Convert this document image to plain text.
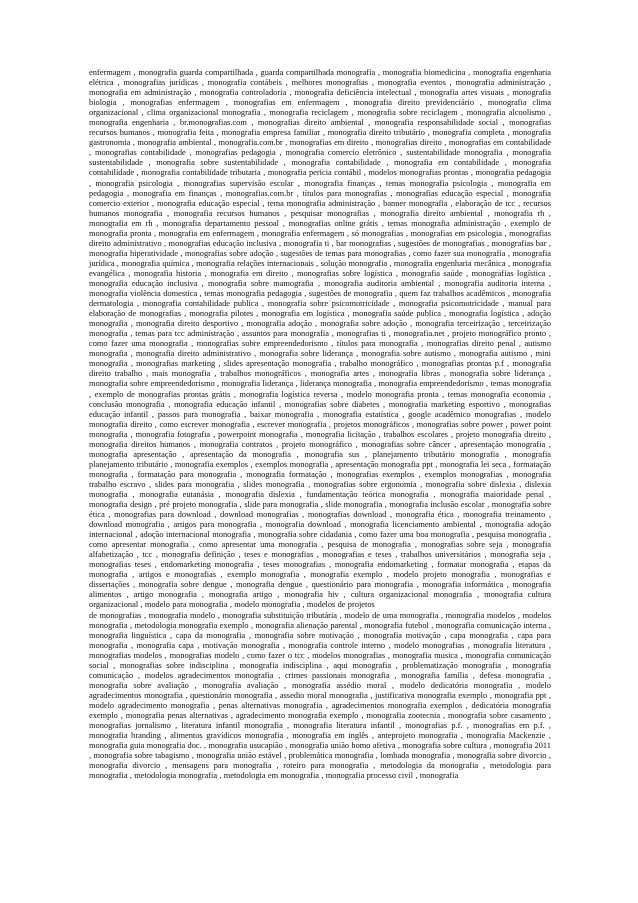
enfermagem , monografia guarda compartilhada , guarda compartilhada monografia , monografia biomedicina , monografia engenharia elétrica , monografias jurídicas , monografia contábeis , melhores monografias , monografia eventos , monografia administração , monografia em administração , monografia controladoria , monografia deficiência intelectual , monografia artes visuais , monografia biologia , monografias enfermagem , monografias em enfermagem , monografia direito previdenciário , monografia clima organizacional , clima organizacional monografia , monografia reciclagem , monografia sobre reciclagem , monografia alcoolismo , monografia engenharia , br.monografias.com , monografias direito ambiental , monografia responsabilidade social , monografias recursos humanos , monografia feita , monografia empresa familiar , monografia direito tributário , monografia completa , monografia gastronomia , monografia ambiental , monografia.com.br , monografias em direito , monografias direito , monografias em contabilidade , monografias contabilidade , monografias pedagogia , monografia comercio eletrônico , sustentabilidade monografia , monografia sustentabilidade , monografia sobre sustentabilidade , monografia contabilidade , monografia em contabilidade , monografia contabilidade , monografia contabilidade tributaria , monografia pericia contábil , modelos monografias prontas , monografia pedagogia , monografia psicologia , monografias supervisão escolar , monografia finanças , temas monografia psicologia , monografia em pedagogia , monografia em finanças , monografias.com.br , títulos para monografias , monografias educação especial , monografia comercio exterior , monografia educação especial , tema monografia administração , banner monografia , elaboração de tcc , recursos humanos monografia , monografia recursos humanos , pesquisar monografias , monografia direito ambiental , monografia rh , monografia em rh , monografia departamento pessoal , monografias online grátis , temas monografia administração , exemplo de monografia pronta , monografia em enfermagem , monografia enfermagem , só monografias , monografias em psicologia , monografias direito administrativo , monografias educação inclusiva , monografia ti , bar monografias , sugestões de monografias , monografias bar , monografia hiperatividade , monografias sobre adoção , sugestões de temas para monografias , como fazer sua monografia , monografia jurídica , monografia química , monografia relações internacionais , solução monografia , monografia engenharia mecânica , monografia evangélica , monografia historia , monografia em direito , monografias sobre logística , monografia saúde , monografias logística , monografia educação inclusiva , monografia sobre mamografia , monografia auditoria ambiental , monografia auditoria interna , monografia violência domestica , temas monografia pedagogia , sugestões de monografia , quem faz trabalhos acadêmicos , monografia dermatologia , monografia contabilidade publica , monografia sobre psicomotricidade , monografia psicomotricidade , manual para elaboração de monografias , monografia pilotes , monografia em logística , monografia saúde publica , monografia logística , adoção monografia , monografia direito desportivo , monografia adoção , monografia sobre adoção , monografia terceirização , terceirização monografia , temas para tcc administração , assuntos para monografia , monografias ti , monografia.net , projeto monográfico pronto , como fazer uma monografia , monografias sobre empreendedorismo , títulos para monografia , monografias direito penal , autismo monografia , monografia direito administrativo , monografia sobre liderança , monografia sobre autismo , monografia autismo , mini monografia , monografias marketing , slides apresentação monografia , trabalho monográfico , monografias prontas p.f , monografia direito trabalho , mais monografia , trabalhos monográficos , monografia artes , monografia libras , monografia sobre liderança , monografia sobre empreendedorismo , monografia liderança , liderança monografia , monografia empreendedorismo , temas monografia , exemplo de monografias prontas grátis , monografia logística reversa , modelo monografia pronta , temas monografia economia , conclusão monografia , monografia educação infantil , monografias sobre diabetes , monografia marketing esportivo , monografias educação infantil , passos para monografia , baixar monografia , monografia estatística , google acadêmico monografias , modelo monografia direito , como escrever monografia , escrever monografia , projetos monográficos , monografias sobre power , power point monografia , monografia fotografia , powerpoint monografia , monografia licitação , trabalhos escolares , projeto monografia direito , monografia direitos humanos , monografia contratos , projeto monográfico , monografias sobre câncer , apresentação monografia , monografia apresentação , apresentação da monografia , monografia sus , planejamento tributário monografia , monografia planejamento tributário , monografia exemplos , exemplos monografia , apresentação monografia ppt , monografia lei seca , formatação monografia , formatação para monografia , monografia formatação , monografias exemplos , exemplos monografias , monografia trabalho escravo , slides para monografia , slides monografia , monografias sobre ergonomia , monografia sobre dislexia , dislexia monografia , monografia eutanásia , monografia dislexia , fundamentação teórica monografia , monografia maioridade penal , monografia design , pré projeto monografia , slide para monografia , slide monografia , monografia inclusão escolar , monografia sobre ética , monografias para download , download monografias , monografias download , monografia ética , monografia treinamento , download monografia , artigos para monografia , monografia download , monografia licenciamento ambiental , monografia adoção internacional , adoção internacional monografia , monografia sobre cidadania , como fazer uma boa monografia , pesquisa monografia , como apresentar monografia , como apresentar uma monografia , pesquisa de monografia , monografias sobre seja , monografia alfabetização , tcc , monografia definição , teses e monografias , monografias e teses , trabalhos universitários , monografia seja , monografias teses , endomarketing monografia , teses monografias , monografia endomarketing , formatar monografia , etapas da monografia , artigos e monografias , exemplo monografia , monografia exemplo , modelo projeto monografia , monografias e dissertações , monografia sobre dengue , monografia dengue , questionário para monografia , monografia informática , monografia alimentos , artigo monografia , monografia artigo , monografia hiv , cultura organizacional monografia , monografia cultura organizacional , modelo para monografia , modelo monografia , modelos de projetos

de monografias , monografia modelo , monografia substituição tributária , modelo de uma monografia , monografia modelos , modelos monografia , metodologia monografia exemplo , monografia alienação parental , monografia futebol , monografia comunicação interna , monografia linguística , capa da monografia , monografia sobre motivação , monografia motivação , capa monografia , capa para monografia , monografia capa , motivação monografia , monografia controle interno , modelo monografias , monografia literatura , monografias modelos , monografias modelo , como fazer o tcc , modelos monografias , monografia musica , monografia comunicação social , monografias sobre indisciplina , monografia indisciplina , aqui monografia , problematização monografia , monografia comunicação , modelos agradecimentos monografia , crimes passionais monografia , monografia família , defesa monografia , monografia sobre avaliação , monografia avaliação , monografia assédio moral , modelo dedicatória monografia , modelo agradecimentos monografia , questionário monografia , assedio moral monografia , justificativa monografia exemplo , monografia ppt , modelo agradecimento monografia , penas alternativas monografia , agradecimentos monografia exemplos , dedicatória monografia exemplo , monografia penas alternativas , agradecimento monografia exemplo , monografia zootecnia , monografia sobre casamento , monografias jornalismo , literatura infantil monografia , monografia literatura infantil , monografias p.f. , monografias em p.f. , monografia branding , alimentos gravídicos monografia , monografia em inglês , anteprojeto monografia , monografia Mackenzie , monografia guia monografia doc. , monografia usucapião , monografia união homo afetiva , monografia sobre cultura , monografia 2011 , monografia sobre tabagismo , monografia união estável , problemática monografia , lombada monografia , monografia sobre divorcio , monografia divorcio , mensagens para monografia , roteiro para monografia , metodologia da monografia , metodologia para monografia , metodologia monografia , metodologia em monografia , monografia processo civil , monografia
